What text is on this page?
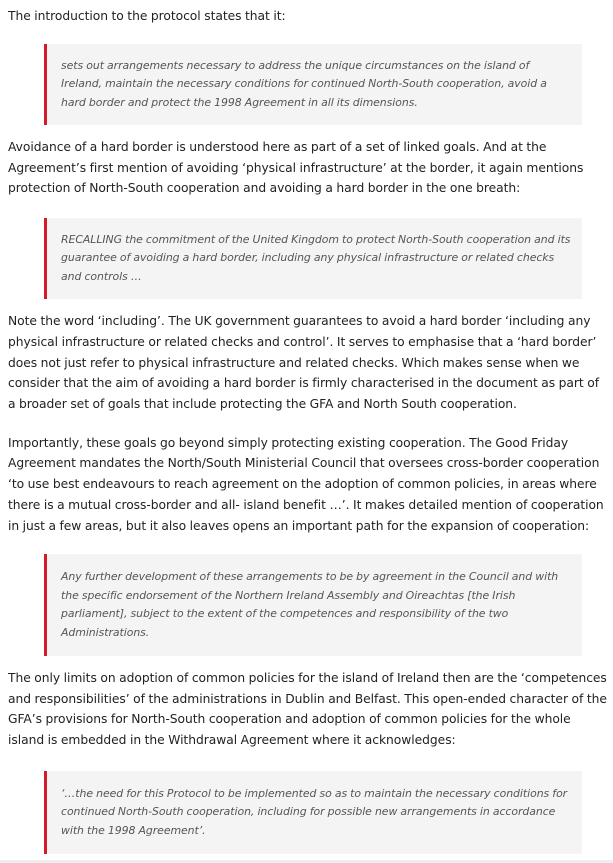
The introduction to the protocol states that it:

sets out arrangements necessary to address the unique circumstances on the island of Ireland, maintain the necessary conditions for continued North-South cooperation, avoid a hard border and protect the 1998 Agreement in all its dimensions.

Avoidance of a hard border is understood here as part of a set of linked goals. And at the Agreement’s first mention of avoiding ‘physical infrastructure’ at the border, it again mentions protection of North-South cooperation and avoiding a hard border in the one breath:

RECALLING the commitment of the United Kingdom to protect North-South cooperation and its guarantee of avoiding a hard border, including any physical infrastructure or related checks and controls …

Note the word ‘including’. The UK government guarantees to avoid a hard border ‘including any physical infrastructure or related checks and control’. It serves to emphasise that a ‘hard border’ does not just refer to physical infrastructure and related checks. Which makes sense when we consider that the aim of avoiding a hard border is firmly characterised in the document as part of a broader set of goals that include protecting the GFA and North South cooperation.

Importantly, these goals go beyond simply protecting existing cooperation. The Good Friday Agreement mandates the North/South Ministerial Council that oversees cross-border cooperation ‘to use best endeavours to reach agreement on the adoption of common policies, in areas where there is a mutual cross-border and all- island benefit …’. It makes detailed mention of cooperation in just a few areas, but it also leaves opens an important path for the expansion of cooperation:

Any further development of these arrangements to be by agreement in the Council and with the specific endorsement of the Northern Ireland Assembly and Oireachtas [the Irish parliament], subject to the extent of the competences and responsibility of the two Administrations.

The only limits on adoption of common policies for the island of Ireland then are the ‘competences and responsibilities’ of the administrations in Dublin and Belfast. This open-ended character of the GFA’s provisions for North-South cooperation and adoption of common policies for the whole island is embedded in the Withdrawal Agreement where it acknowledges:

‘…the need for this Protocol to be implemented so as to maintain the necessary conditions for continued North-South cooperation, including for possible new arrangements in accordance with the 1998 Agreement’.
